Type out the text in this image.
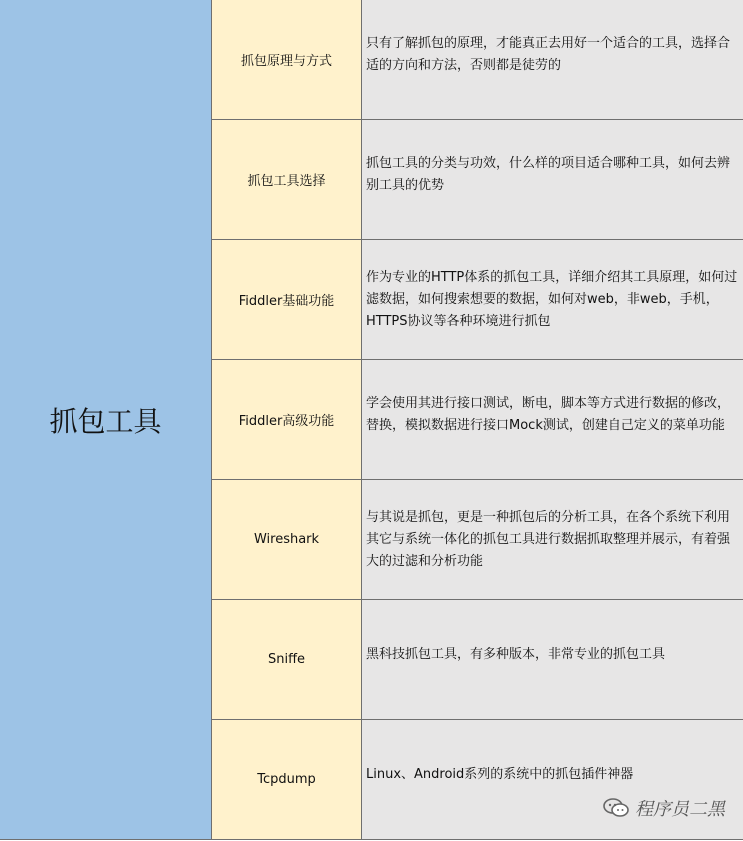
抓包工具
抓包原理与方式
只有了解抓包的原理，才能真正去用好一个适合的工具，选择合适的方向和方法，否则都是徒劳的
抓包工具选择
抓包工具的分类与功效，什么样的项目适合哪种工具，如何去辨别工具的优势
Fiddler基础功能
作为专业的HTTP体系的抓包工具，详细介绍其工具原理，如何过滤数据，如何搜索想要的数据，如何对web，非web，手机，HTTPS协议等各种环境进行抓包
Fiddler高级功能
学会使用其进行接口测试，断电，脚本等方式进行数据的修改，替换，模拟数据进行接口Mock测试，创建自己定义的菜单功能
Wireshark
与其说是抓包，更是一种抓包后的分析工具，在各个系统下利用其它与系统一体化的抓包工具进行数据抓取整理并展示，有着强大的过滤和分析功能
Sniffe	黑科技抓包工具，有多种版本，非常专业的抓包工具
Tcpdump	Linux、Android系列的系统中的抓包插件神器
程序员二黑
